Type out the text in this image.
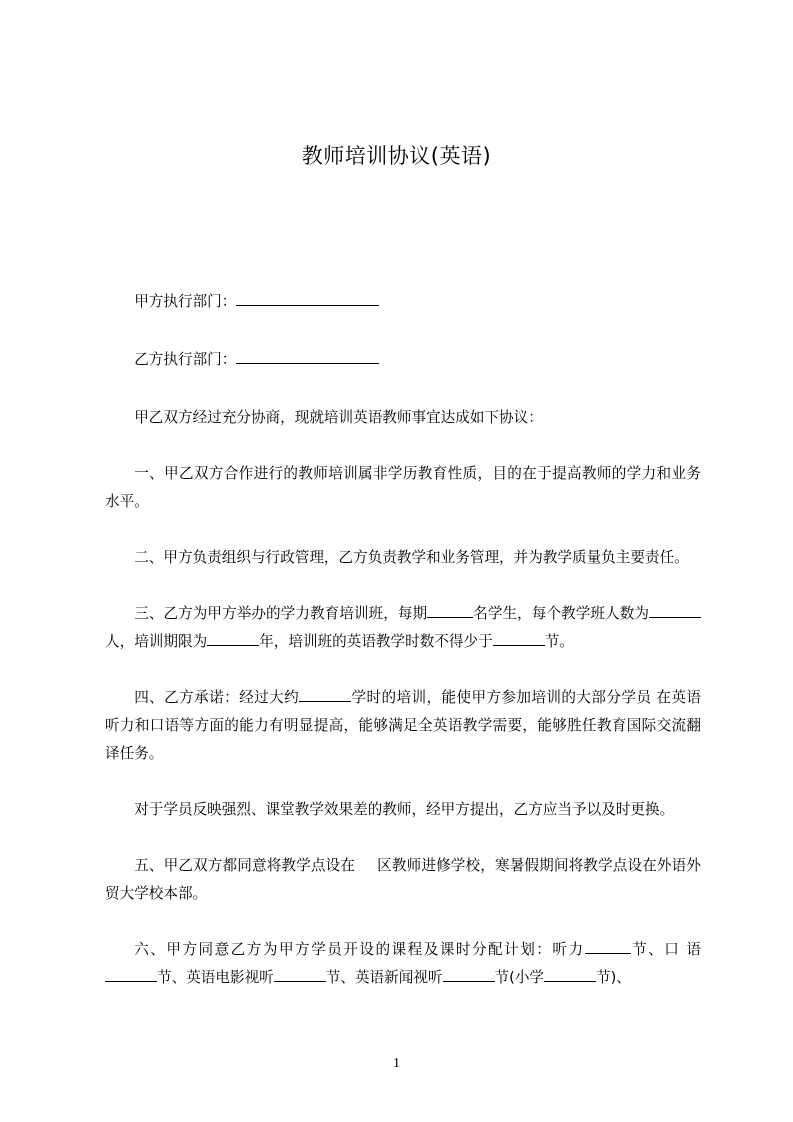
教师培训协议(英语)

甲方执行部门：

乙方执行部门：

甲乙双方经过充分协商，现就培训英语教师事宜达成如下协议：

一、甲乙双方合作进行的教师培训属非学历教育性质，目的在于提高教师的学力和业务水平。

二、甲方负责组织与行政管理，乙方负责教学和业务管理，并为教学质量负主要责任。

三、乙方为甲方举办的学力教育培训班，每期	名学生，每个教学班人数为人，培训期限为	年，培训班的英语教学时数不得少于	节。

四、乙方承诺：经过大约	学时的培训，能使甲方参加培训的大部分学员 在英语听力和口语等方面的能力有明显提高，能够满足全英语教学需要，能够胜任教育国际交流翻译任务。

对于学员反映强烈、课堂教学效果差的教师，经甲方提出，乙方应当予以及时更换。

五、甲乙双方都同意将教学点设在 区教师进修学校，寒暑假期间将教学点设在外语外贸大学校本部。

六、甲方同意乙方为甲方学员开设的课程及课时分配计划：听力	节、口 语节、英语电影视听	节、英语新闻视听	节(小学	节)、

1
